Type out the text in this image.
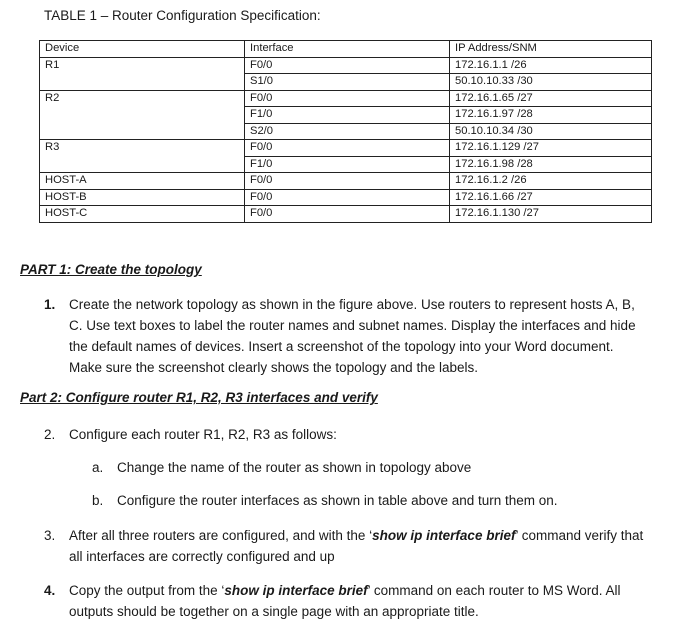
TABLE 1 – Router Configuration Specification:
Device	Interface	IP Address/SNM
R1	F0/0	172.16.1.1 /26
	S1/0	50.10.10.33 /30
R2	F0/0	172.16.1.65 /27
	F1/0	172.16.1.97 /28
	S2/0	50.10.10.34 /30
R3	F0/0	172.16.1.129 /27
	F1/0	172.16.1.98 /28
HOST-A	F0/0	172.16.1.2 /26
HOST-B	F0/0	172.16.1.66 /27
HOST-C	F0/0	172.16.1.130 /27
PART 1: Create the topology
1. Create the network topology as shown in the figure above. Use routers to represent hosts A, B, C. Use text boxes to label the router names and subnet names. Display the interfaces and hide the default names of devices. Insert a screenshot of the topology into your Word document. Make sure the screenshot clearly shows the topology and the labels.
Part 2: Configure router R1, R2, R3 interfaces and verify
2. Configure each router R1, R2, R3 as follows:
a. Change the name of the router as shown in topology above
b. Configure the router interfaces as shown in table above and turn them on.
3. After all three routers are configured, and with the ‘show ip interface brief’ command verify that all interfaces are correctly configured and up
4. Copy the output from the ‘show ip interface brief’ command on each router to MS Word. All outputs should be together on a single page with an appropriate title.
